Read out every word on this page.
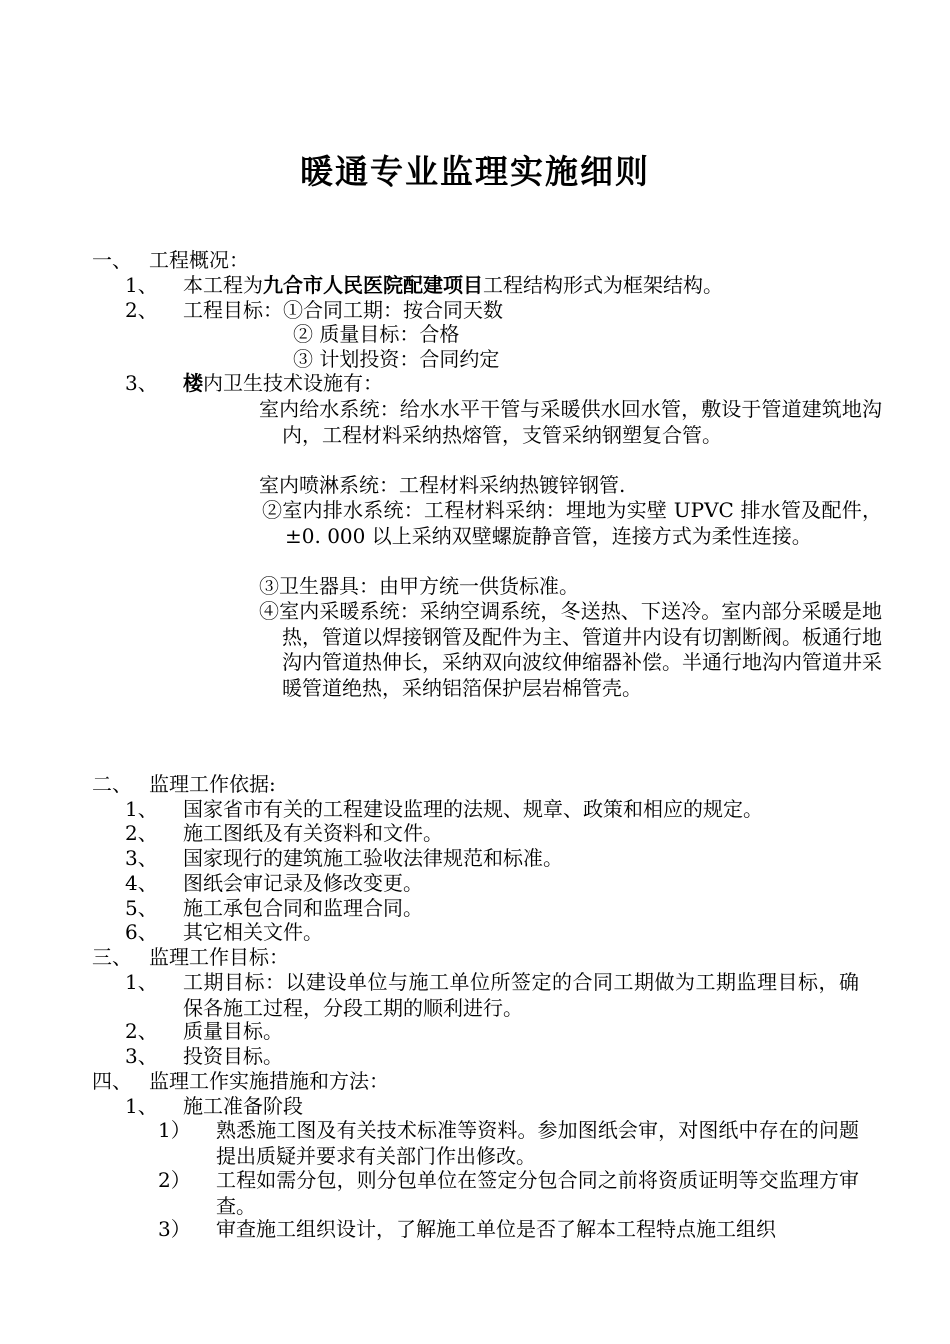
暖通专业监理实施细则
一、 工程概况：
1、 本工程为九合市人民医院配建项目工程结构形式为框架结构。
2、 工程目标：①合同工期：按合同天数
② 质量目标：合格
③ 计划投资：合同约定
3、 楼内卫生技术设施有：
室内给水系统：给水水平干管与采暖供水回水管，敷设于管道建筑地沟内，工程材料采纳热熔管，支管采纳钢塑复合管。
室内喷淋系统：工程材料采纳热镀锌钢管.
②室内排水系统：工程材料采纳：埋地为实壁 UPVC 排水管及配件，±0. 000 以上采纳双壁螺旋静音管，连接方式为柔性连接。
③卫生器具：由甲方统一供货标准。
④室内采暖系统：采纳空调系统，冬送热、下送冷。室内部分采暖是地热，管道以焊接钢管及配件为主、管道井内设有切割断阀。板通行地沟内管道热伸长，采纳双向波纹伸缩器补偿。半通行地沟内管道井采暖管道绝热，采纳铝箔保护层岩棉管壳。
二、 监理工作依据:
1、 国家省市有关的工程建设监理的法规、规章、政策和相应的规定。
2、 施工图纸及有关资料和文件。
3、 国家现行的建筑施工验收法律规范和标准。
4、 图纸会审记录及修改变更。
5、 施工承包合同和监理合同。
6、 其它相关文件。
三、 监理工作目标：
1、 工期目标：以建设单位与施工单位所签定的合同工期做为工期监理目标，确保各施工过程，分段工期的顺利进行。
2、 质量目标。
3、 投资目标。
四、 监理工作实施措施和方法：
1、 施工准备阶段
1） 熟悉施工图及有关技术标准等资料。参加图纸会审，对图纸中存在的问题提出质疑并要求有关部门作出修改。
2） 工程如需分包，则分包单位在签定分包合同之前将资质证明等交监理方审查。
3） 审查施工组织设计，了解施工单位是否了解本工程特点施工组织
